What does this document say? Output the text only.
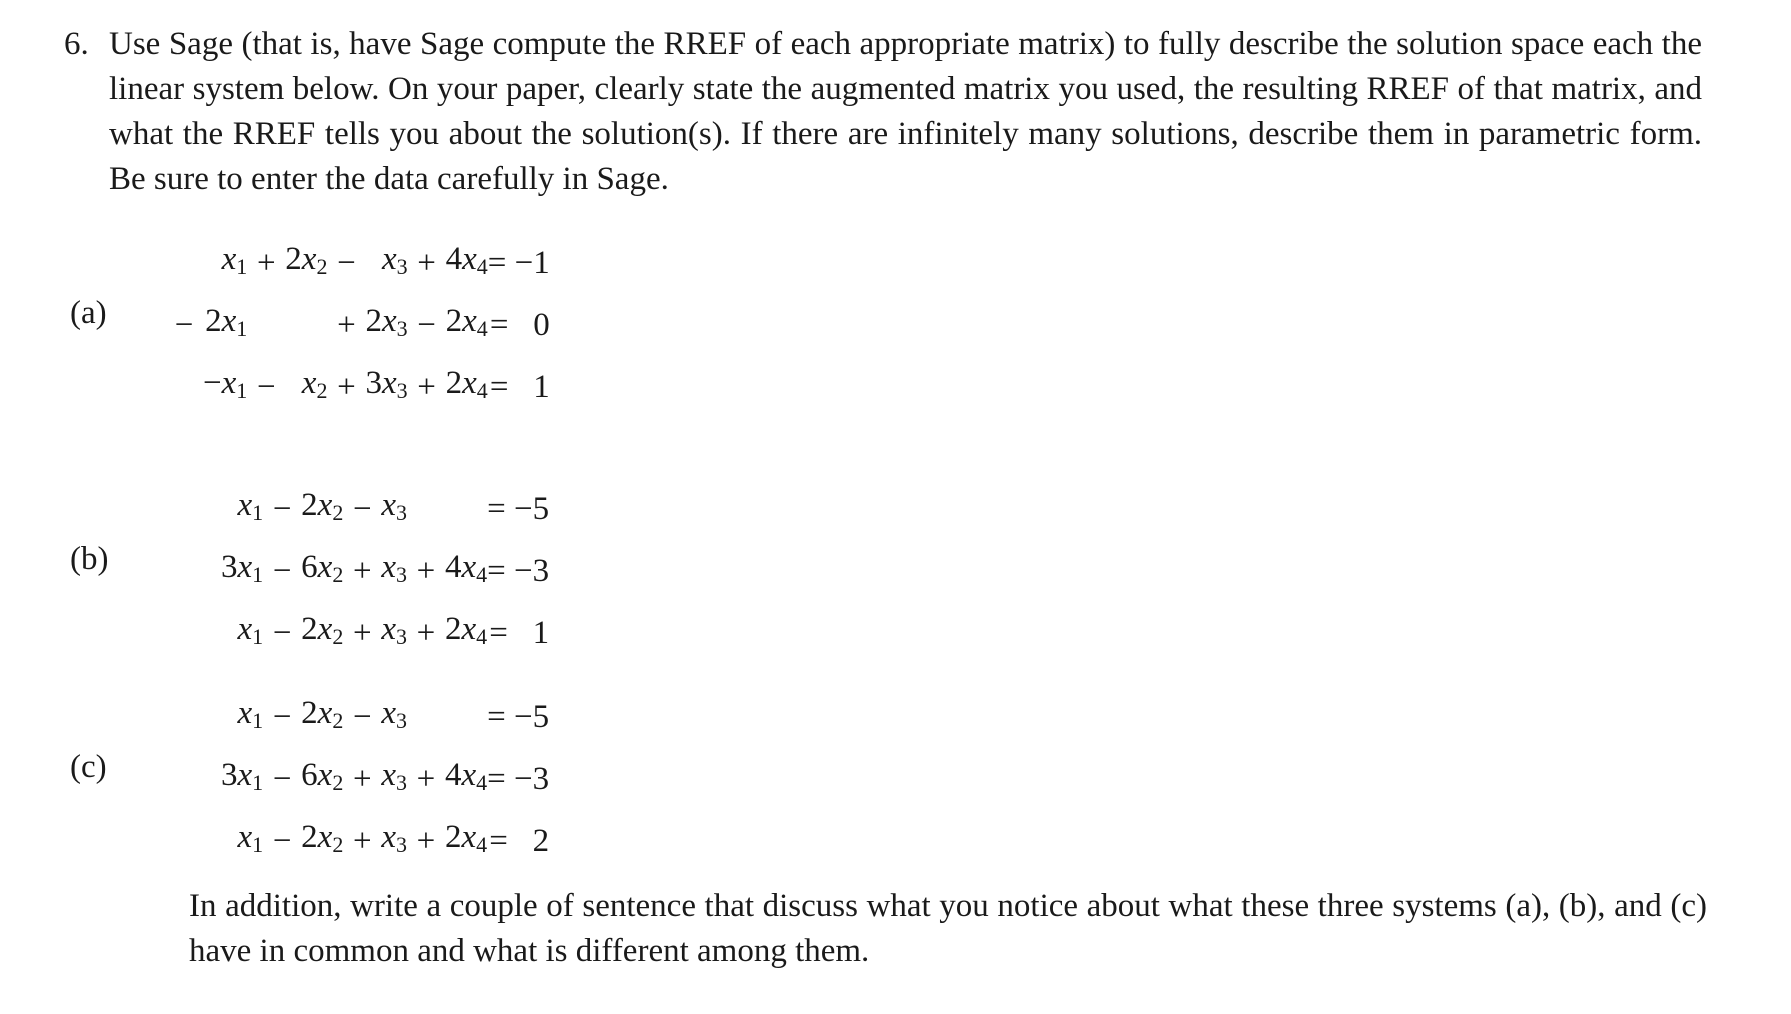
6. Use Sage (that is, have Sage compute the RREF of each appropriate matrix) to fully describe the solution space each the linear system below. On your paper, clearly state the augmented matrix you used, the resulting RREF of that matrix, and what the RREF tells you about the solution(s). If there are infinitely many solutions, describe them in parametric form. Be sure to enter the data carefully in Sage.

(a)
	$x_1$	+	$2x_2$	−	$x_3$	+	$4x_4$	= −1
−	$2x_1$			+	$2x_3$	−	$2x_4$	=   0
	$-x_1$	−	$x_2$	+	$3x_3$	+	$2x_4$	=   1
(b)
	$x_1$	−	$2x_2$	−	$x_3$			= −5
	$3x_1$	−	$6x_2$	+	$x_3$	+	$4x_4$	= −3
	$x_1$	−	$2x_2$	+	$x_3$	+	$2x_4$	=   1
(c)
	$x_1$	−	$2x_2$	−	$x_3$			= −5
	$3x_1$	−	$6x_2$	+	$x_3$	+	$4x_4$	= −3
	$x_1$	−	$2x_2$	+	$x_3$	+	$2x_4$	=   2

In addition, write a couple of sentence that discuss what you notice about what these three systems (a), (b), and (c) have in common and what is different among them.
